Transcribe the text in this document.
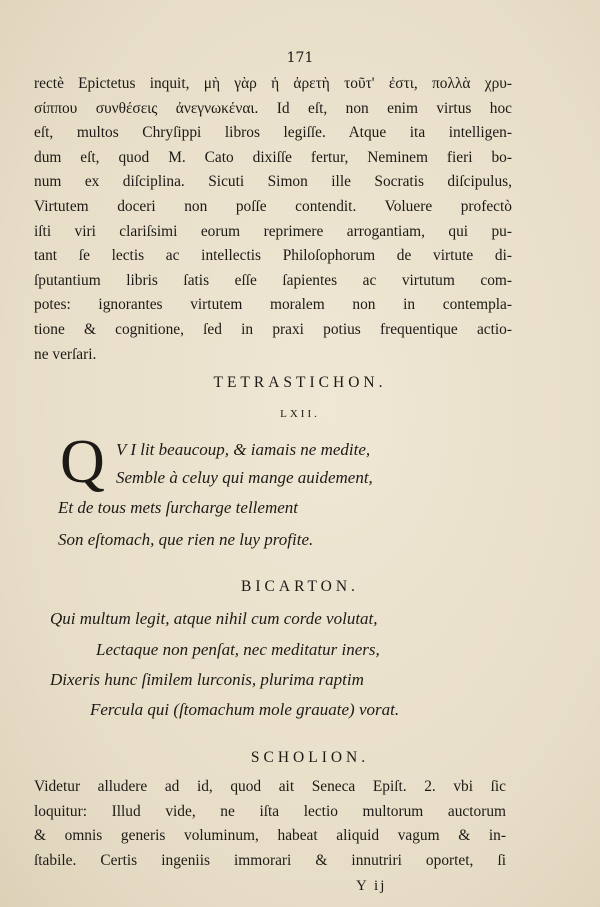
171

rectè Epictetus inquit, μὴ γὰρ ἡ ἀρετὴ τοῦτ' ἐστι, πολλὰ χρυ-
σίππου συνθέσεις ἀνεγνωκέναι. Id eſt, non enim virtus hoc
eſt, multos Chryſippi libros legiſſe. Atque ita intelligen-
dum eſt, quod M. Cato dixiſſe fertur, Neminem fieri bo-
num ex diſciplina. Sicuti Simon ille Socratis diſcipulus,
Virtutem doceri non poſſe contendit. Voluere profectò
iſti viri clariſsimi eorum reprimere arrogantiam, qui pu-
tant ſe lectis ac intellectis Philoſophorum de virtute di-
ſputantium libris ſatis eſſe ſapientes ac virtutum com-
potes: ignorantes virtutem moralem non in contempla-
tione & cognitione, ſed in praxi potius frequentique actio-
ne verſari.

TETRASTICHON.
LXII.
Q V I lit beaucoup, & iamais ne medite,

Semble à celuy qui mange auidement,

Et de tous mets ſurcharge tellement

Son eſtomach, que rien ne luy profite.

BICARTON.

Qui multum legit, atque nihil cum corde volutat,

Lectaque non penſat, nec meditatur iners,

Dixeris hunc ſimilem lurconis, plurima raptim

Fercula qui (ſtomachum mole grauate) vorat.

SCHOLION.

Videtur alludere ad id, quod ait Seneca Epiſt. 2. vbi ſic
loquitur: Illud vide, ne iſta lectio multorum auctorum
& omnis generis voluminum, habeat aliquid vagum & in-
ſtabile. Certis ingeniis immorari & innutriri oportet, ſi

Y ij
